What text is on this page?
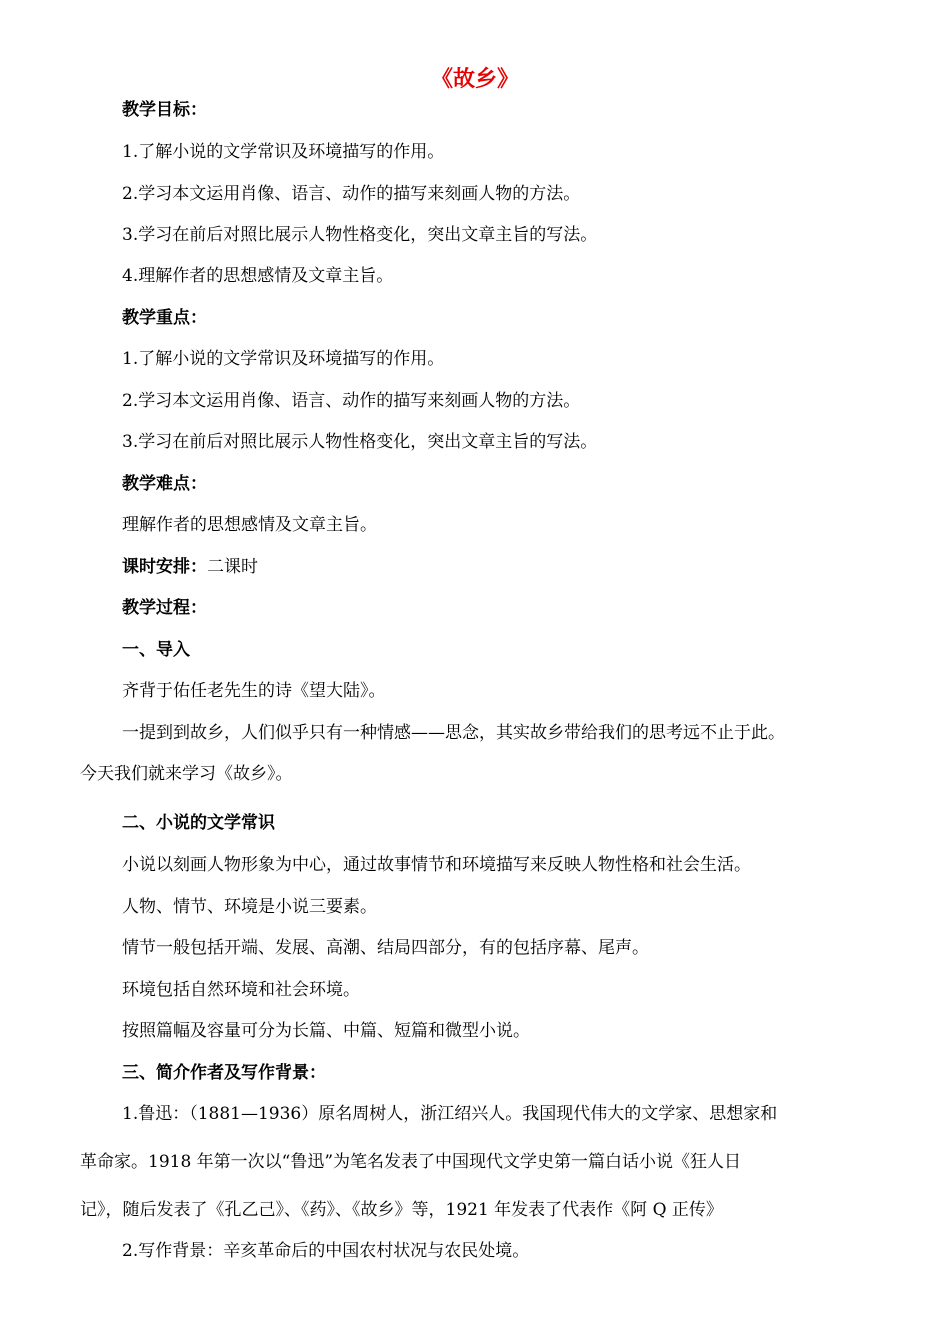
《故乡》
教学目标：
1.了解小说的文学常识及环境描写的作用。
2.学习本文运用肖像、语言、动作的描写来刻画人物的方法。
3.学习在前后对照比展示人物性格变化，突出文章主旨的写法。
4.理解作者的思想感情及文章主旨。
教学重点：
1.了解小说的文学常识及环境描写的作用。
2.学习本文运用肖像、语言、动作的描写来刻画人物的方法。
3.学习在前后对照比展示人物性格变化，突出文章主旨的写法。
教学难点：
理解作者的思想感情及文章主旨。
课时安排：二课时
教学过程：
一、导入
齐背于佑任老先生的诗《望大陆》。
一提到到故乡，人们似乎只有一种情感——思念，其实故乡带给我们的思考远不止于此。
今天我们就来学习《故乡》。
二、小说的文学常识
小说以刻画人物形象为中心，通过故事情节和环境描写来反映人物性格和社会生活。
人物、情节、环境是小说三要素。
情节一般包括开端、发展、高潮、结局四部分，有的包括序幕、尾声。
环境包括自然环境和社会环境。
按照篇幅及容量可分为长篇、中篇、短篇和微型小说。
三、简介作者及写作背景：
1.鲁迅：（1881—1936）原名周树人，浙江绍兴人。我国现代伟大的文学家、思想家和
革命家。1918 年第一次以“鲁迅”为笔名发表了中国现代文学史第一篇白话小说《狂人日
记》，随后发表了《孔乙己》、《药》、《故乡》等，1921 年发表了代表作《阿 Q 正传》
2.写作背景：辛亥革命后的中国农村状况与农民处境。
